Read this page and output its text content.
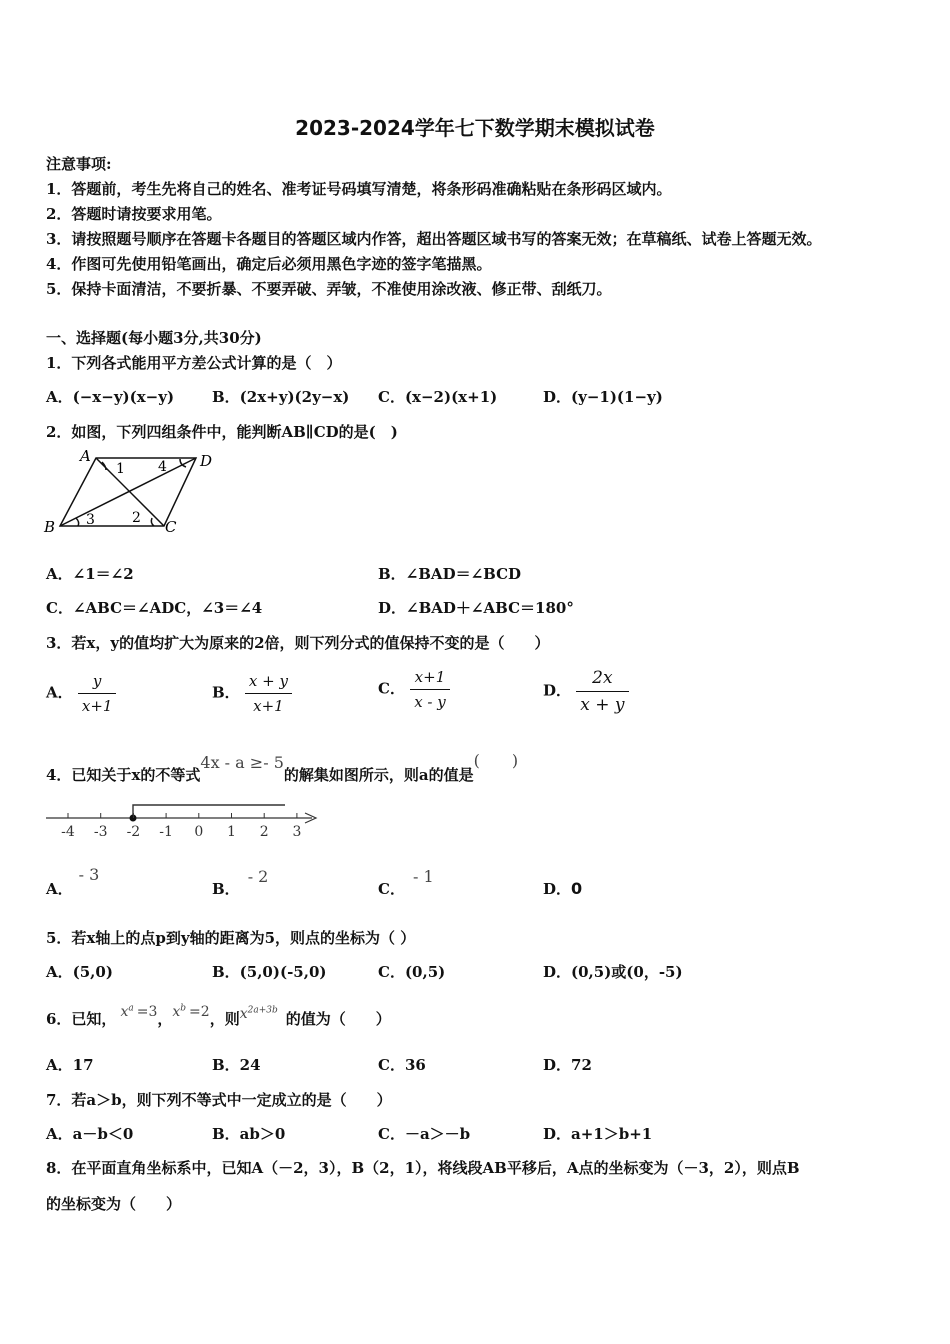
2023-2024学年七下数学期末模拟试卷
注意事项:
1．答题前，考生先将自己的姓名、准考证号码填写清楚，将条形码准确粘贴在条形码区域内。
2．答题时请按要求用笔。
3．请按照题号顺序在答题卡各题目的答题区域内作答，超出答题区域书写的答案无效；在草稿纸、试卷上答题无效。
4．作图可先使用铅笔画出，确定后必须用黑色字迹的签字笔描黑。
5．保持卡面清洁，不要折暴、不要弄破、弄皱，不准使用涂改液、修正带、刮纸刀。
一、选择题(每小题3分,共30分)
1．下列各式能用平方差公式计算的是（　）
A．(−x−y)(x−y)	B．(2x+y)(2y−x) C．(x−2)(x+1)	D．(y−1)(1−y)
2．如图，下列四组条件中，能判断AB∥CD的是(　)
A	D
B	C
1 4
3	2
A．∠1＝∠2	B．∠BAD＝∠BCD
C．∠ABC＝∠ADC，∠3＝∠4	D．∠BAD＋∠ABC＝180°
3．若x，y的值均扩大为原来的2倍，则下列分式的值保持不变的是（　　）
A． $\frac{y}{x+1}$	B． $\frac{x + y}{x+1}$	C． $\frac{x+1}{x - y}$	D． $\frac{2x}{x + y}$
4．已知关于x的不等式4x - a ≥- 5的解集如图所示，则a的值是(　　)
-4 -3 -2 -1 0 1 2 3
A．- 3
B．- 2
C．- 1
D．0
5．若x轴上的点p到y轴的距离为5，则点的坐标为（ ）
A．(5,0)	B．(5,0)(-5,0)	C．(0,5)	D．(0,5)或(0，-5)
6．已知， $x^a =3$，$x^b =2$，则$x^{2a+3b}$ 的值为（　　）
A．17	B．24	C．36	D．72
7．若a＞b，则下列不等式中一定成立的是（　　）
A．a－b＜0	B．ab＞0	C．－a＞－b	D．a+1＞b+1
8．在平面直角坐标系中，已知A（－2，3），B（2，1），将线段AB平移后，A点的坐标变为（－3，2），则点B
的坐标变为（　　）
